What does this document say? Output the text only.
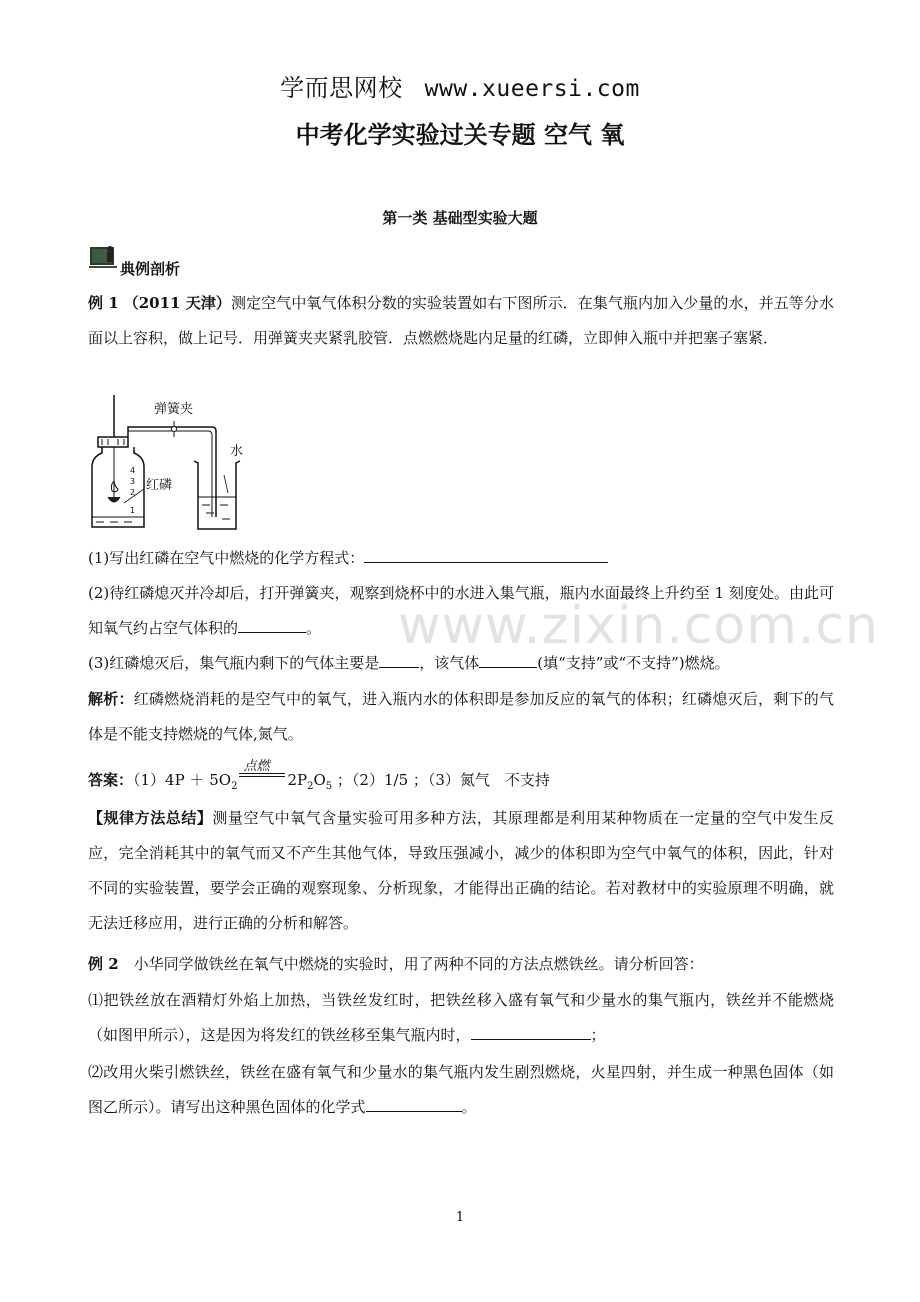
学而思网校 www.xueersi.com
中考化学实验过关专题 空气 氧
第一类 基础型实验大题
典例剖析
例 1 （2011 天津）测定空气中氧气体积分数的实验装置如右下图所示．在集气瓶内加入少量的水，并五等分水面以上容积，做上记号．用弹簧夹夹紧乳胶管．点燃燃烧匙内足量的红磷，立即伸入瓶中并把塞子塞紧．
4
3
2
1
红磷
弹簧夹
水
(1)写出红磷在空气中燃烧的化学方程式：
(2)待红磷熄灭并冷却后，打开弹簧夹，观察到烧杯中的水进入集气瓶，瓶内水面最终上升约至 1 刻度处。由此可知氧气约占空气体积的	。
(3)红磷熄灭后，集气瓶内剩下的气体主要是	，该气体	(填“支持”或“不支持”)燃烧。
解析：红磷燃烧消耗的是空气中的氧气，进入瓶内水的体积即是参加反应的氧气的体积；红磷熄灭后，剩下的气体是不能支持燃烧的气体,氮气。
答案：$(1)4P + 5O_2$
点燃
$2P_2O_5$ ；（2）1/5 ；（3）氮气　不支持
【规律方法总结】测量空气中氧气含量实验可用多种方法，其原理都是利用某种物质在一定量的空气中发生反应，完全消耗其中的氧气而又不产生其他气体，导致压强减小，减少的体积即为空气中氧气的体积，因此，针对不同的实验装置，要学会正确的观察现象、分析现象，才能得出正确的结论。若对教材中的实验原理不明确，就无法迁移应用，进行正确的分析和解答。
例 2　小华同学做铁丝在氧气中燃烧的实验时，用了两种不同的方法点燃铁丝。请分析回答：
⑴把铁丝放在酒精灯外焰上加热，当铁丝发红时，把铁丝移入盛有氧气和少量水的集气瓶内，铁丝并不能燃烧（如图甲所示），这是因为将发红的铁丝移至集气瓶内时，	；
⑵改用火柴引燃铁丝，铁丝在盛有氧气和少量水的集气瓶内发生剧烈燃烧，火星四射，并生成一种黑色固体（如图乙所示）。请写出这种黑色固体的化学式	。
www.zixin.com.cn
1
